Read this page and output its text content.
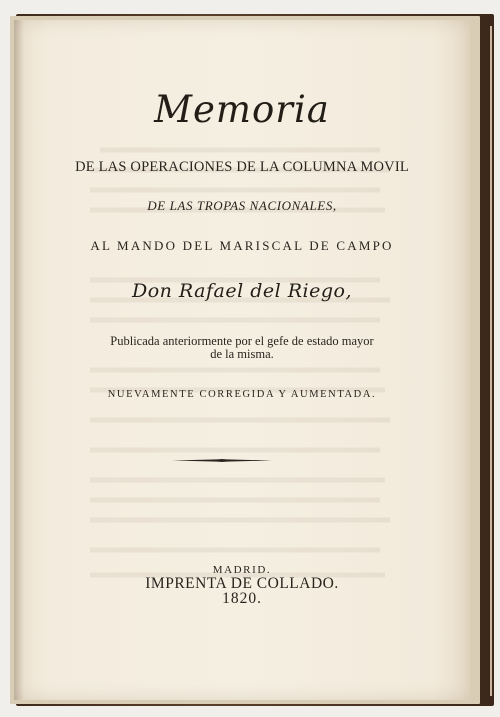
Memoria
DE LAS OPERACIONES DE LA COLUMNA MOVIL
DE LAS TROPAS NACIONALES,
AL MANDO DEL MARISCAL DE CAMPO
Don Rafael del Riego,
Publicada anteriormente por el gefe de estado mayor
de la misma.
NUEVAMENTE CORREGIDA Y AUMENTADA.
MADRID.
IMPRENTA DE COLLADO.
1820.
